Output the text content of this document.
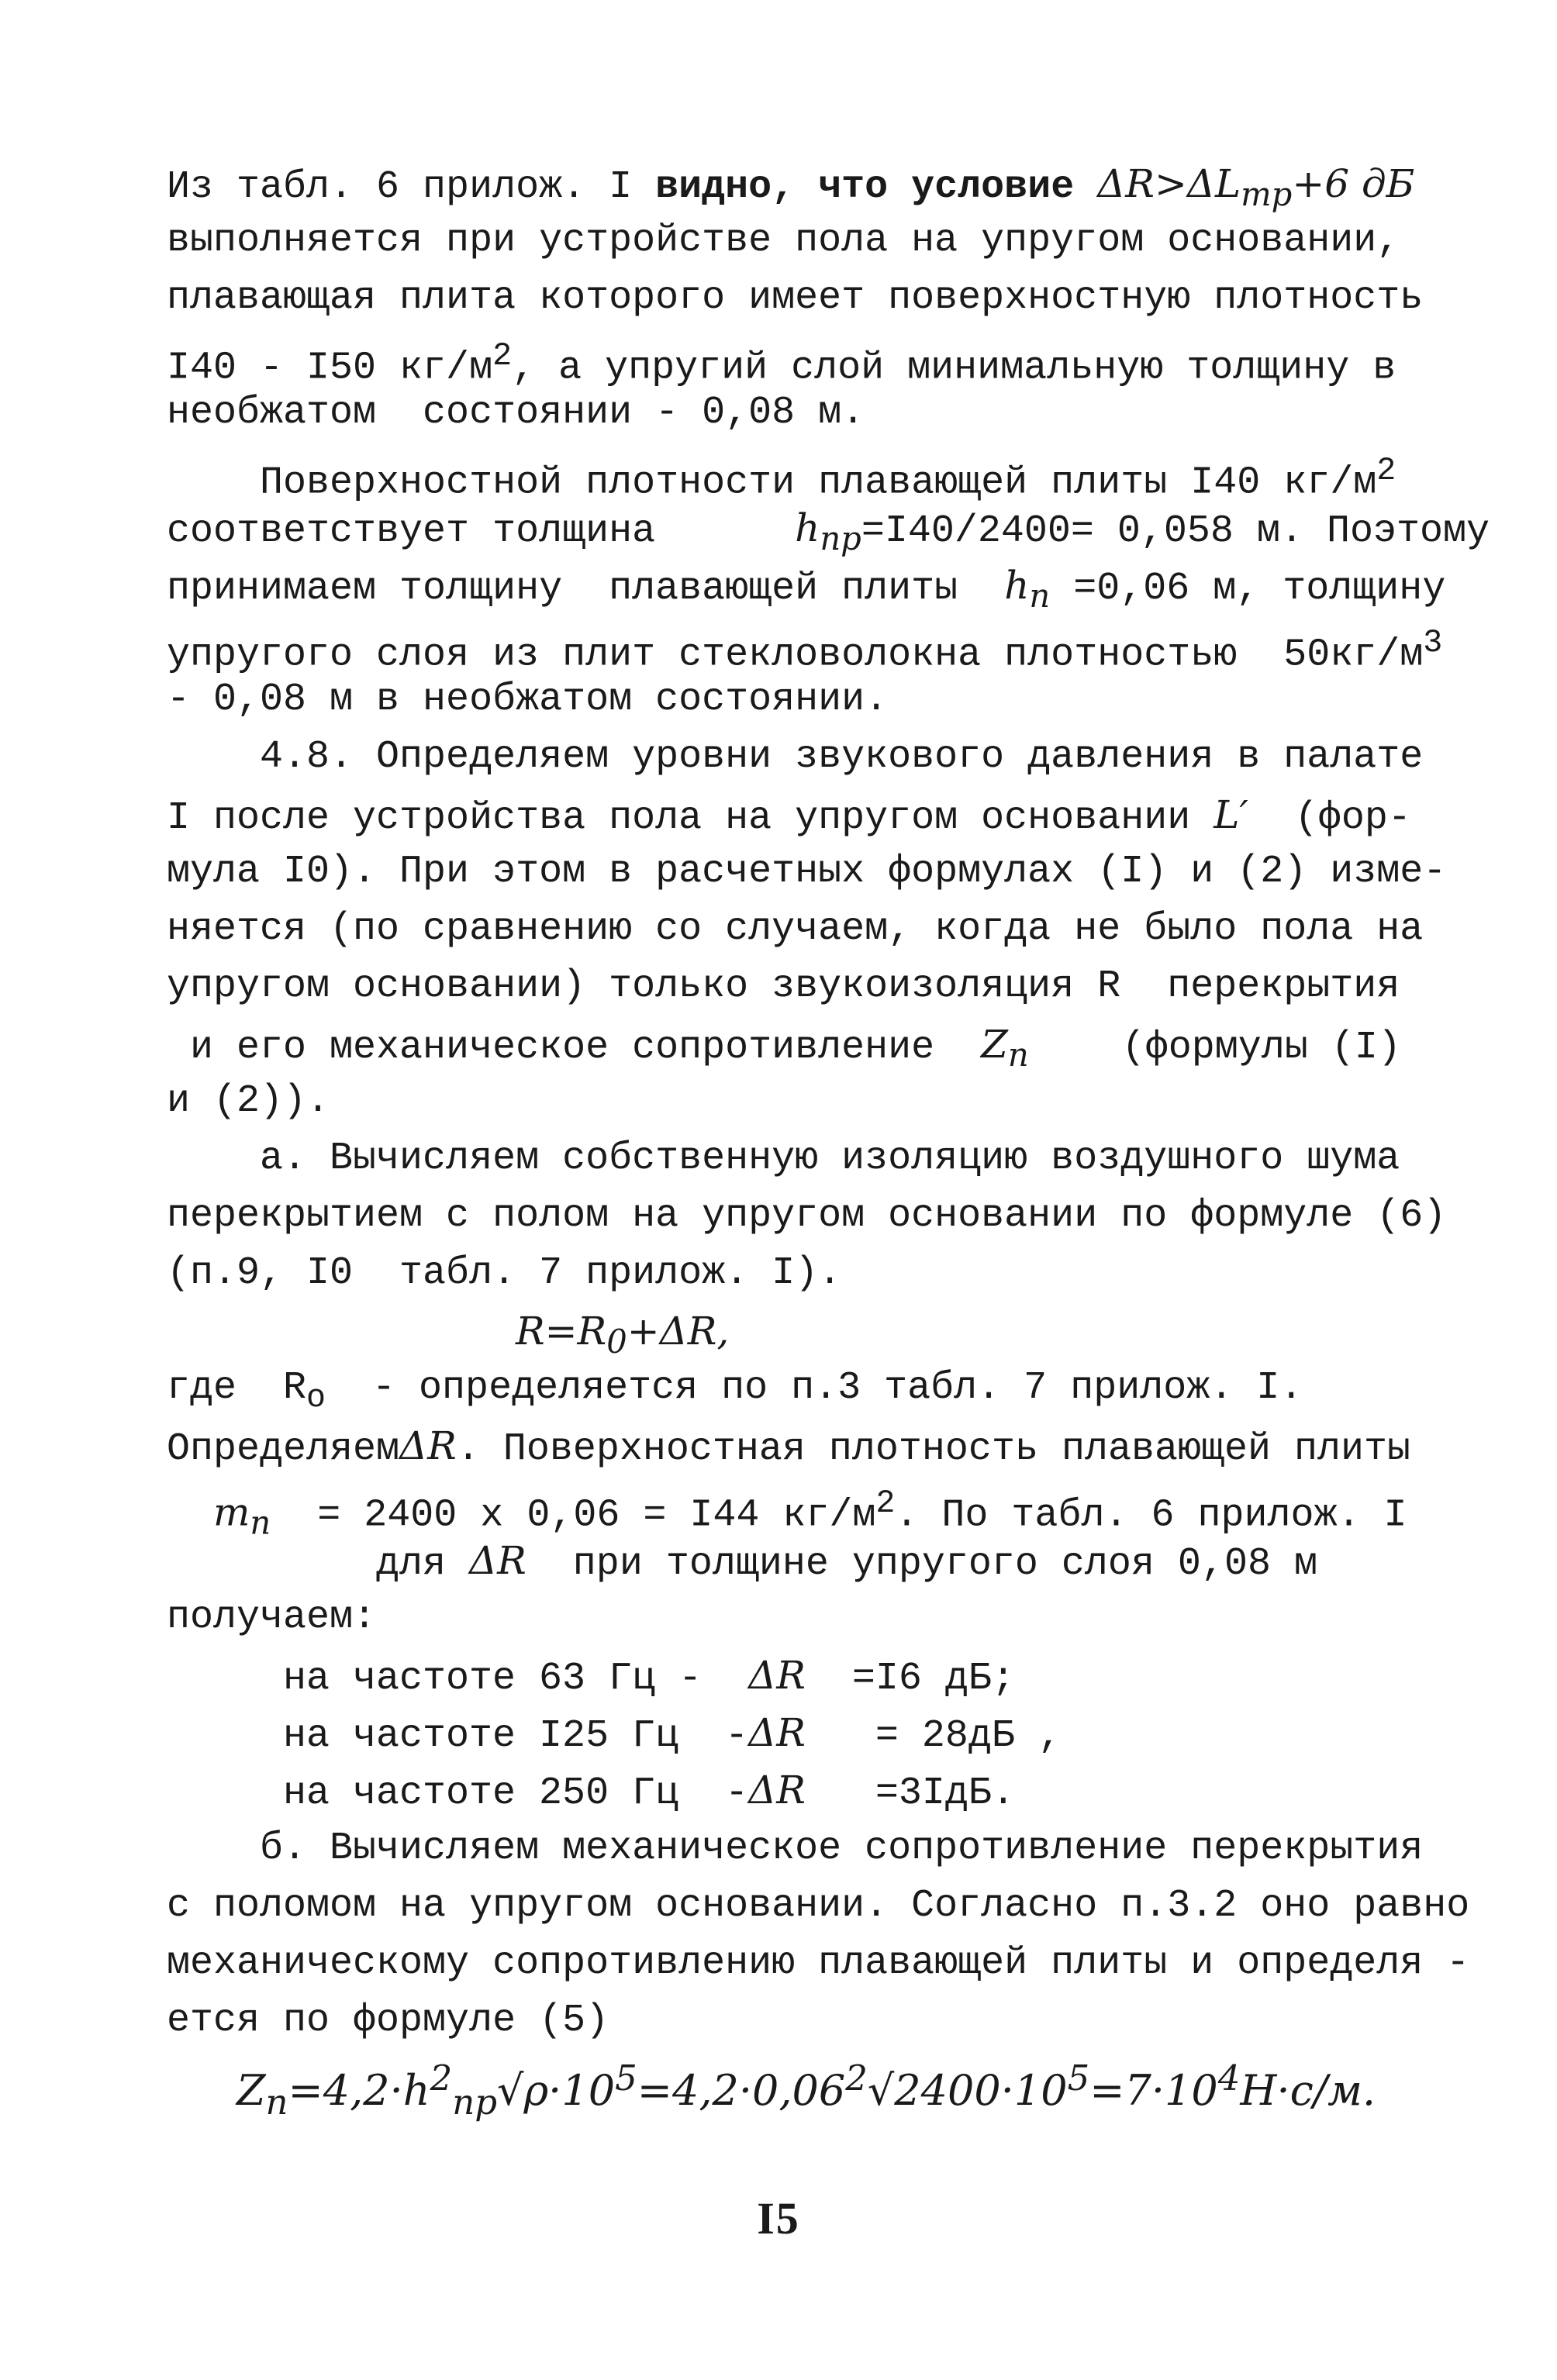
Из табл. 6 прилож. I видно, что условие $\Delta R>\Delta L_{тр}+6$ дБ
выполняется при устройстве пола на упругом основании,
плавающая плита которого имеет поверхностную плотность
I40 - I50 $кг/м^2$, а упругий слой минимальную толщину в
необжатом  состоянии - 0,08 м.
Поверхностной плотности плавающей плиты I40 $кг/м^2$
соответствует толщина      $h_{пр}=I40/2400= 0,058$ м. Поэтому
принимаем толщину  плавающей плиты  $h_п =0,06$ м, толщину
упругого слоя из плит стекловолокна плотностью  $50кг/м^3$
- 0,08 м в необжатом состоянии.
4.8. Определяем уровни звукового давления в палате
I после устройства пола на упругом основании L′  (фор-
мула I0). При этом в расчетных формулах (I) и (2) изме-
няется (по сравнению со случаем, когда не было пола на
упругом основании) только звукоизоляция R  перекрытия
и его механическое сопротивление  $Z_п$    (формулы (I)
и (2)).
а. Вычисляем собственную изоляцию воздушного шума
перекрытием с полом на упругом основании по формуле (6)
(п.9, I0  табл. 7 прилож. I).
$R=R_0+\Delta R$,
где  $R_о$  - определяется по п.3 табл. 7 прилож. I.
ОпределяемΔR. Поверхностная плотность плавающей плиты
$m_п = 2400$ х 0,06 = I44 $кг/м^2$. По табл. 6 прилож. I
для ΔR  при толщине упругого слоя 0,08 м
получаем:
на частоте 63 Гц -  ΔR =I6 дБ;
на частоте I25 Гц  -ΔR = 28дБ ,
на частоте 250 Гц  -ΔR =3IдБ.
б. Вычисляем механическое сопротивление перекрытия
с поломом на упругом основании. Согласно п.3.2 оно равно
механическому сопротивлению плавающей плиты и определя -
ется по формуле (5)
$Z_п=4,2\cdot h^2_{пр}√\rho\cdot 10^5=4,2\cdot 0,06^2√2400\cdot 10^5=7\cdot 10^4Н\cdot с/м$.
I5
